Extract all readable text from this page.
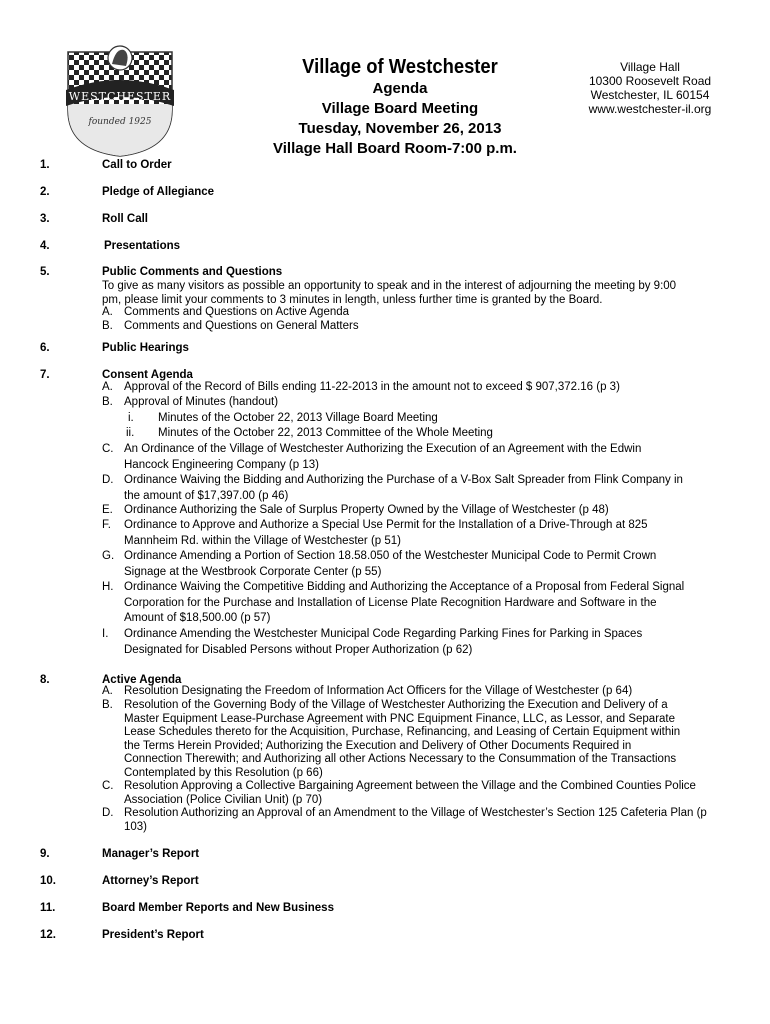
WESTCHESTER
founded 1925
Village of Westchester
Agenda
Village Board Meeting
Tuesday, November 26, 2013
Village Hall Board Room-7:00 p.m.
Village Hall
10300 Roosevelt Road
Westchester, IL 60154
www.westchester-il.org
1.	Call to Order
2.	Pledge of Allegiance
3.	Roll Call
4.	Presentations
5.	Public Comments and Questions
To give as many visitors as possible an opportunity to speak and in the interest of adjourning the meeting by 9:00
pm, please limit your comments to 3 minutes in length, unless further time is granted by the Board.
A. Comments and Questions on Active Agenda
B. Comments and Questions on General Matters
6.	Public Hearings
7.	Consent Agenda
A. Approval of the Record of Bills ending 11-22-2013 in the amount not to exceed $ 907,372.16 (p 3)
B. Approval of Minutes (handout)
i. Minutes of the October 22, 2013 Village Board Meeting
ii. Minutes of the October 22, 2013 Committee of the Whole Meeting
C. An Ordinance of the Village of Westchester Authorizing the Execution of an Agreement with the Edwin
Hancock Engineering Company (p 13)
D. Ordinance Waiving the Bidding and Authorizing the Purchase of a V-Box Salt Spreader from Flink Company in
the amount of $17,397.00 (p 46)
E. Ordinance Authorizing the Sale of Surplus Property Owned by the Village of Westchester (p 48)
F.	Ordinance to Approve and Authorize a Special Use Permit for the Installation of a Drive-Through at 825
Mannheim Rd. within the Village of Westchester (p 51)
G. Ordinance Amending a Portion of Section 18.58.050 of the Westchester Municipal Code to Permit Crown
Signage at the Westbrook Corporate Center (p 55)
H. Ordinance Waiving the Competitive Bidding and Authorizing the Acceptance of a Proposal from Federal Signal
Corporation for the Purchase and Installation of License Plate Recognition Hardware and Software in the
Amount of $18,500.00 (p 57)
I.	Ordinance Amending the Westchester Municipal Code Regarding Parking Fines for Parking in Spaces
Designated for Disabled Persons without Proper Authorization (p 62)
8.	Active Agenda
A. Resolution Designating the Freedom of Information Act Officers for the Village of Westchester (p 64)
B. Resolution of the Governing Body of the Village of Westchester Authorizing the Execution and Delivery of a
Master Equipment Lease-Purchase Agreement with PNC Equipment Finance, LLC, as Lessor, and Separate
Lease Schedules thereto for the Acquisition, Purchase, Refinancing, and Leasing of Certain Equipment within
the Terms Herein Provided; Authorizing the Execution and Delivery of Other Documents Required in
Connection Therewith; and Authorizing all other Actions Necessary to the Consummation of the Transactions
Contemplated by this Resolution (p 66)
C. Resolution Approving a Collective Bargaining Agreement between the Village and the Combined Counties Police
Association (Police Civilian Unit) (p 70)
D. Resolution Authorizing an Approval of an Amendment to the Village of Westchester’s Section 125 Cafeteria Plan (p
103)
9.	Manager’s Report
10.	Attorney’s Report
11.	Board Member Reports and New Business
12.	President’s Report
